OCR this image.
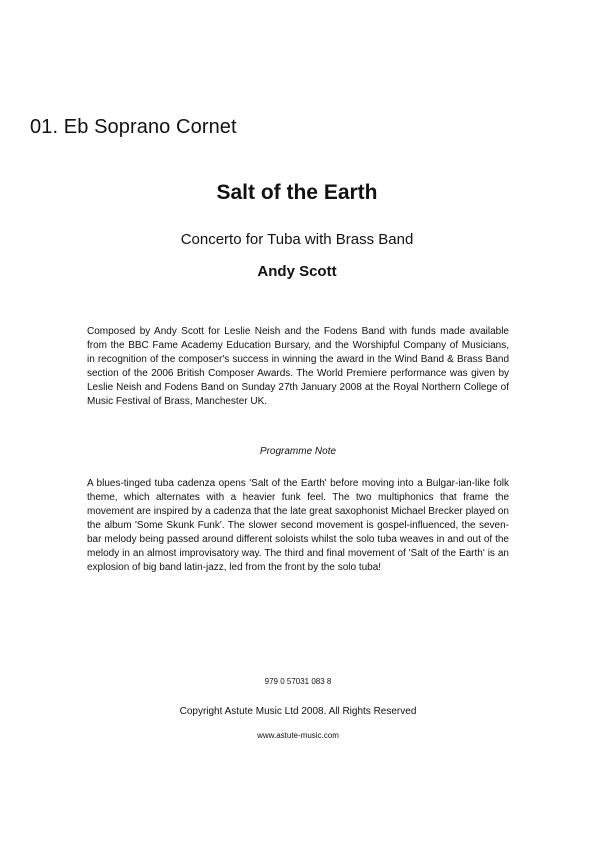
01. Eb Soprano Cornet
Salt of the Earth
Concerto for Tuba with Brass Band
Andy Scott

Composed by Andy Scott for Leslie Neish and the Fodens Band with funds made available from the BBC Fame Academy Education Bursary, and the Worshipful Company of Musicians, in recognition of the composer's success in winning the award in the Wind Band & Brass Band section of the 2006 British Composer Awards. The World Premiere performance was given by Leslie Neish and Fodens Band on Sunday 27th January 2008 at the Royal Northern College of Music Festival of Brass, Manchester UK.

Programme Note

A blues-tinged tuba cadenza opens 'Salt of the Earth' before moving into a Bulgar-ian-like folk theme, which alternates with a heavier funk feel. The two multiphonics that frame the movement are inspired by a cadenza that the late great saxophonist Michael Brecker played on the album 'Some Skunk Funk'. The slower second movement is gospel-influenced, the seven-bar melody being passed around different soloists whilst the solo tuba weaves in and out of the melody in an almost improvisatory way. The third and final movement of 'Salt of the Earth' is an explosion of big band latin-jazz, led from the front by the solo tuba!

979 0 57031 083 8
Copyright Astute Music Ltd 2008. All Rights Reserved
www.astute-music.com
